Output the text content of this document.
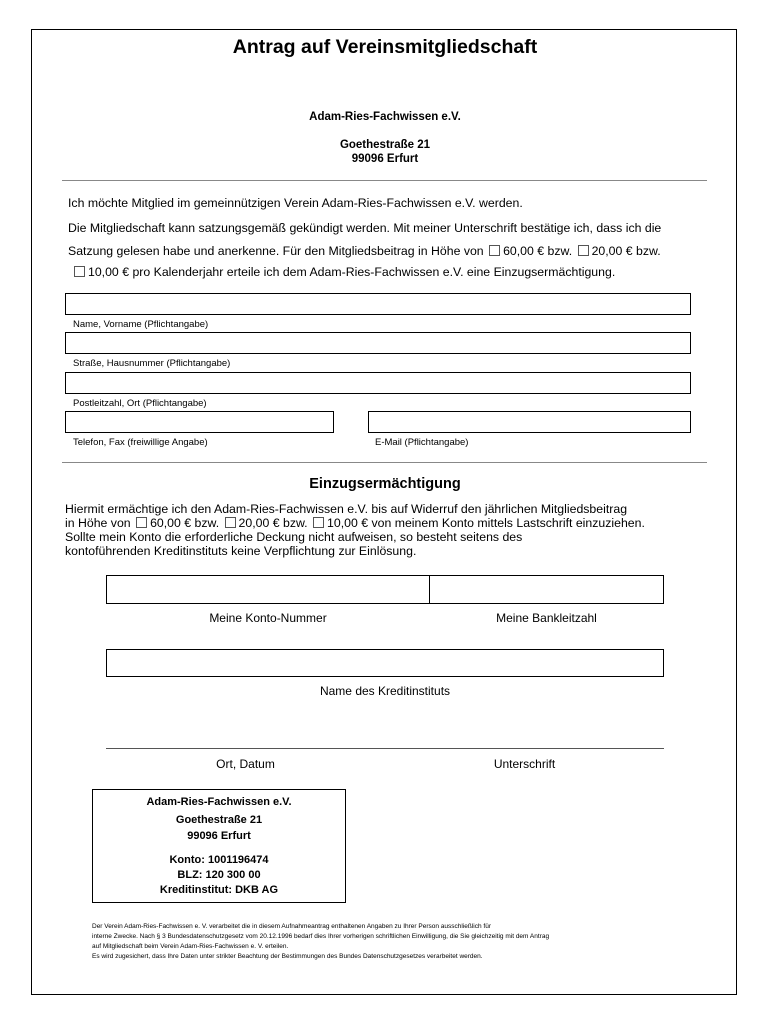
Antrag auf Vereinsmitgliedschaft
Adam-Ries-Fachwissen e.V.
Goethestraße 21
99096 Erfurt
Ich möchte Mitglied im gemeinnützigen Verein Adam-Ries-Fachwissen e.V. werden.
Die Mitgliedschaft kann satzungsgemäß gekündigt werden. Mit meiner Unterschrift bestätige ich, dass ich die
Satzung gelesen habe und anerkenne. Für den Mitgliedsbeitrag in Höhe von 60,00 € bzw. 20,00 € bzw.
10,00 € pro Kalenderjahr erteile ich dem Adam-Ries-Fachwissen e.V. eine Einzugsermächtigung.
Name, Vorname (Pflichtangabe)
Straße, Hausnummer (Pflichtangabe)
Postleitzahl, Ort (Pflichtangabe)
Telefon, Fax (freiwillige Angabe)	E-Mail (Pflichtangabe)
Einzugsermächtigung
Hiermit ermächtige ich den Adam-Ries-Fachwissen e.V. bis auf Widerruf den jährlichen Mitgliedsbeitrag
in Höhe von 60,00 € bzw. 20,00 € bzw. 10,00 € von meinem Konto mittels Lastschrift einzuziehen.
Sollte mein Konto die erforderliche Deckung nicht aufweisen, so besteht seitens des
kontoführenden Kreditinstituts keine Verpflichtung zur Einlösung.
Meine Konto-Nummer	Meine Bankleitzahl
Name des Kreditinstituts
Ort, Datum	Unterschrift
Adam-Ries-Fachwissen e.V.
Goethestraße 21
99096 Erfurt
Konto: 1001196474
BLZ: 120 300 00
Kreditinstitut: DKB AG
Der Verein Adam-Ries-Fachwissen e. V. verarbeitet die in diesem Aufnahmeantrag enthaltenen Angaben zu Ihrer Person ausschließlich für
interne Zwecke. Nach § 3 Bundesdatenschutzgesetz vom 20.12.1996 bedarf dies Ihrer vorherigen schriftlichen Einwilligung, die Sie gleichzeitig mit dem Antrag
auf Mitgliedschaft beim Verein Adam-Ries-Fachwissen e. V. erteilen.
Es wird zugesichert, dass Ihre Daten unter strikter Beachtung der Bestimmungen des Bundes Datenschutzgesetzes verarbeitet werden.
